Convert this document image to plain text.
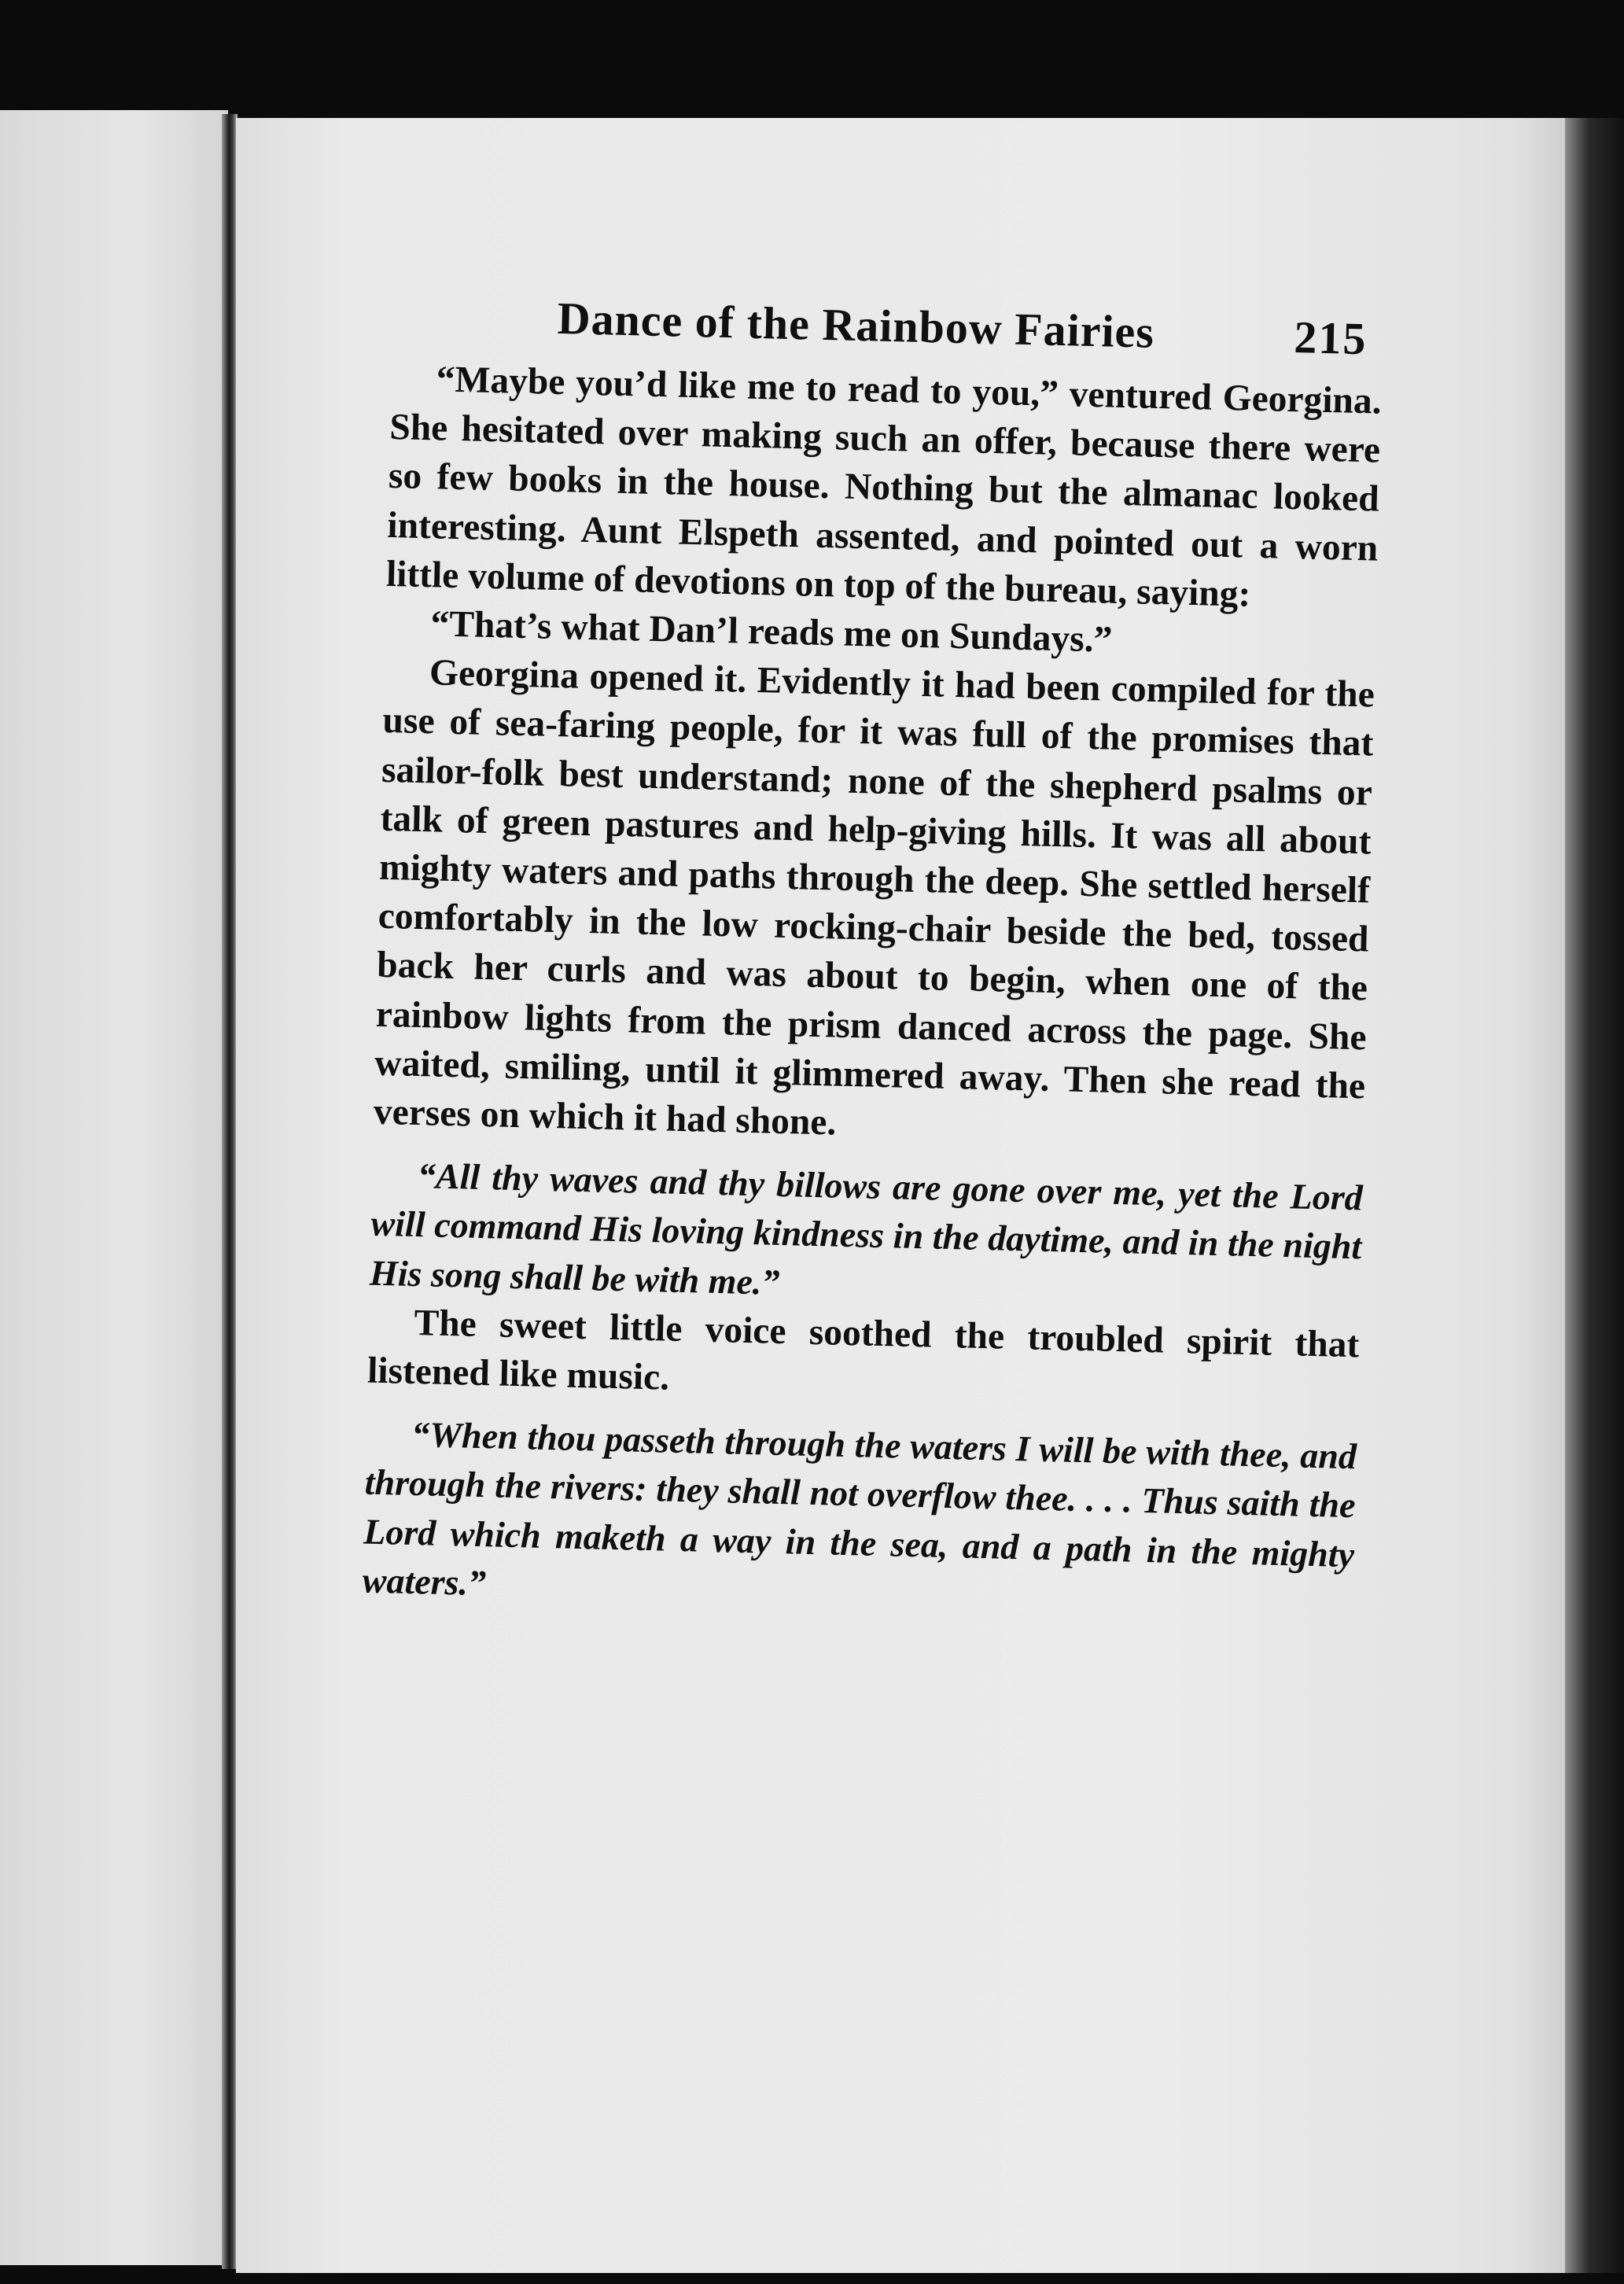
Dance of the Rainbow Fairies	215

“Maybe you’d like me to read to you,” ventured Georgina. She hesitated over making such an offer, because there were so few books in the house. Nothing but the almanac looked interesting. Aunt Elspeth assented, and pointed out a worn little volume of devotions on top of the bureau, saying:

“That’s what Dan’l reads me on Sundays.”

Georgina opened it. Evidently it had been compiled for the use of sea-faring people, for it was full of the promises that sailor-folk best understand; none of the shepherd psalms or talk of green pastures and help-giving hills. It was all about mighty waters and paths through the deep. She settled herself comfortably in the low rocking-chair beside the bed, tossed back her curls and was about to begin, when one of the rainbow lights from the prism danced across the page. She waited, smiling, until it glimmered away. Then she read the verses on which it had shone.

“All thy waves and thy billows are gone over me, yet the Lord will command His loving kindness in the daytime, and in the night His song shall be with me.”

The sweet little voice soothed the troubled spirit that listened like music.

“When thou passeth through the waters I will be with thee, and through the rivers: they shall not overflow thee. . . . Thus saith the Lord which maketh a way in the sea, and a path in the mighty waters.”
